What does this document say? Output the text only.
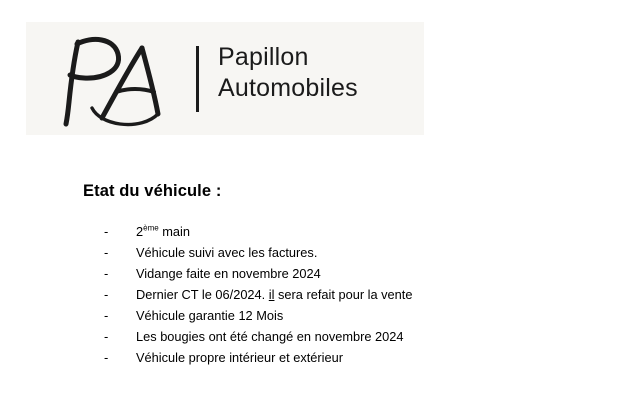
Papillon
Automobiles
Etat du véhicule :
- 2ème main
- Véhicule suivi avec les factures.
- Vidange faite en novembre 2024
- Dernier CT le 06/2024. il sera refait pour la vente
- Véhicule garantie 12 Mois
- Les bougies ont été changé en novembre 2024
- Véhicule propre intérieur et extérieur
